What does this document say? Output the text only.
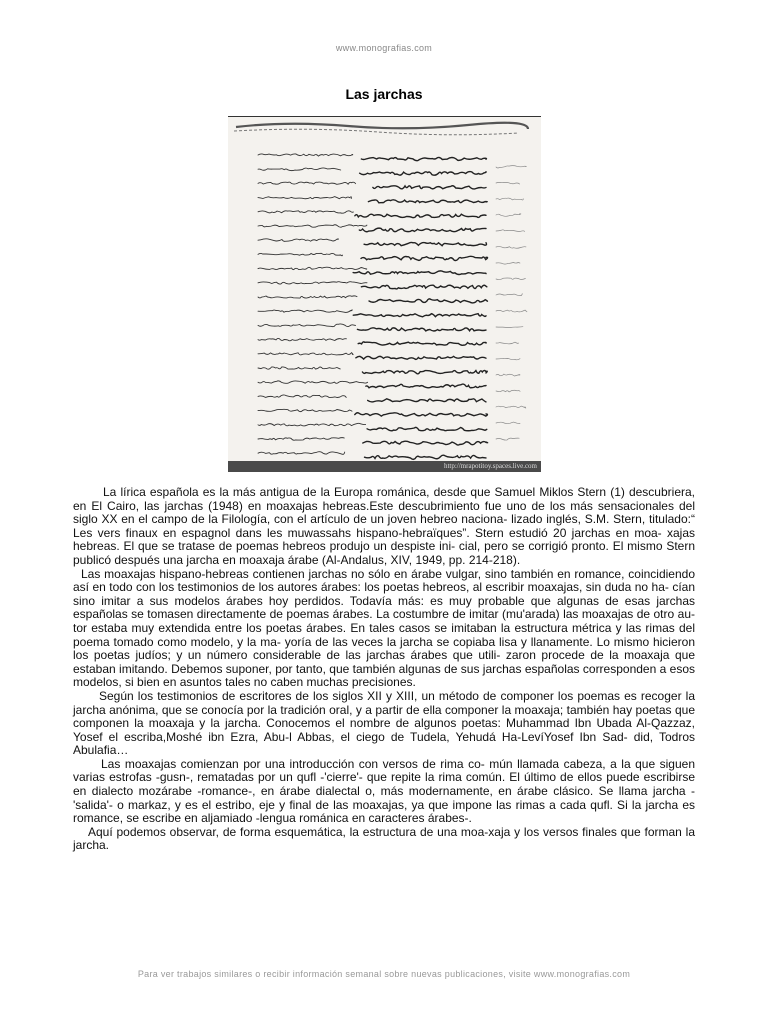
www.monografias.com
Las jarchas
http://mrapotitoy.spaces.live.com

La lírica española es la más antigua de la Europa románica, desde que Samuel Miklos Stern (1) descubriera, en El Cairo, las jarchas (1948) en moaxajas hebreas.Este descubrimiento fue uno de los más sensacionales del siglo XX en el campo de la Filología, con el artículo de un joven hebreo naciona- lizado inglés, S.M. Stern, titulado:“ Les vers finaux en espagnol dans les muwassahs hispano-hebraïques”. Stern estudió 20 jarchas en moa- xajas hebreas. El que se tratase de poemas hebreos produjo un despiste ini- cial, pero se corrigió pronto. El mismo Stern publicó después una jarcha en moaxaja árabe (Al-Andalus, XIV, 1949, pp. 214-218).

Las moaxajas hispano-hebreas contienen jarchas no sólo en árabe vulgar, sino también en romance, coincidiendo así en todo con los testimonios de los autores árabes: los poetas hebreos, al escribir moaxajas, sin duda no ha- cían sino imitar a sus modelos árabes hoy perdidos. Todavía más: es muy probable que algunas de esas jarchas españolas se tomasen directamente de poemas árabes. La costumbre de imitar (mu'arada) las moaxajas de otro au- tor estaba muy extendida entre los poetas árabes. En tales casos se imitaban la estructura métrica y las rimas del poema tomado como modelo, y la ma- yoría de las veces la jarcha se copiaba lisa y llanamente. Lo mismo hicieron los poetas judíos; y un número considerable de las jarchas árabes que utili- zaron procede de la moaxaja que estaban imitando. Debemos suponer, por tanto, que también algunas de sus jarchas españolas corresponden a esos modelos, si bien en asuntos tales no caben muchas precisiones.

Según los testimonios de escritores de los siglos XII y XIII, un método de componer los poemas es recoger la jarcha anónima, que se conocía por la tradición oral, y a partir de ella componer la moaxaja; también hay poetas que componen la moaxaja y la jarcha. Conocemos el nombre de algunos poetas: Muhammad Ibn Ubada Al-Qazzaz, Yosef el escriba,Moshé ibn Ezra, Abu-l Abbas, el ciego de Tudela, Yehudá Ha-LevíYosef Ibn Sad- did, Todros Abulafia…

Las moaxajas comienzan por una introducción con versos de rima co- mún llamada cabeza, a la que siguen varias estrofas -gusn-, rematadas por un qufl -'cierre'- que repite la rima común. El último de ellos puede escribirse en dialecto mozárabe -romance-, en árabe dialectal o, más modernamente, en árabe clásico. Se llama jarcha -'salida'- o markaz, y es el estribo, eje y final de las moaxajas, ya que impone las rimas a cada qufl. Si la jarcha es romance, se escribe en aljamiado -lengua románica en caracteres árabes-.

Aquí podemos observar, de forma esquemática, la estructura de una moa-xaja y los versos finales que forman la jarcha.

Para ver trabajos similares o recibir información semanal sobre nuevas publicaciones, visite www.monografias.com
